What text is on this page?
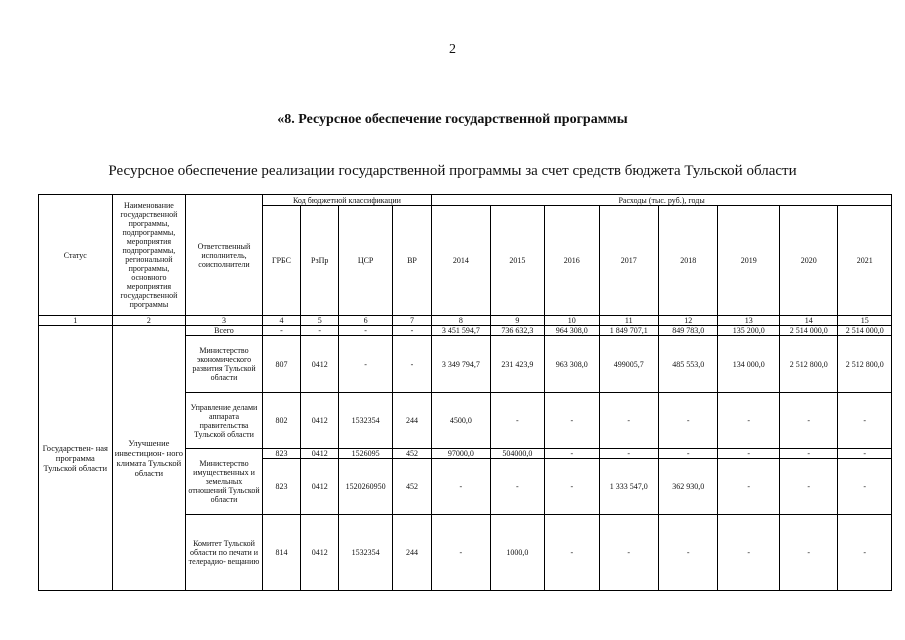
2
«8. Ресурсное обеспечение государственной программы
Ресурсное обеспечение реализации государственной программы за счет средств бюджета Тульской области
Статус	Наименование государственной программы, подпрограммы, мероприятия подпрограммы, региональной программы, основного мероприятия государственной программы	Ответственный исполнитель, соисполнители	Код бюджетной классификации				Расходы (тыс. руб.), годы							
			ГРБС	РзПр	ЦСР	ВР	2014	2015	2016	2017	2018	2019	2020	2021
1	2	3	4	5	6	7	8	9	10	11	12	13	14	15
Государствен- ная программа Тульской области	Улучшение инвестицион- ного климата Тульской области	Всего	-	-	-	-	3 451 594,7	736 632,3	964 308,0	1 849 707,1	849 783,0	135 200,0	2 514 000,0	2 514 000,0
		Министерство экономического развития Тульской области	807	0412	-	-	3 349 794,7	231 423,9	963 308,0	499005,7	485 553,0	134 000,0	2 512 800,0	2 512 800,0
		Управление делами аппарата правительства Тульской области	802	0412	1532354	244	4500,0	-	-	-	-	-	-	-
		Министерство имущественных и земельных отношений Тульской области	823	0412	1526095	452	97000,0	504000,0	-	-	-	-	-	-
			823	0412	1520260950	452	-	-	-	1 333 547,0	362 930,0	-	-	-
		Комитет Тульской области по печати и телерадио- вещанию	814	0412	1532354	244	-	1000,0	-	-	-	-	-	-
